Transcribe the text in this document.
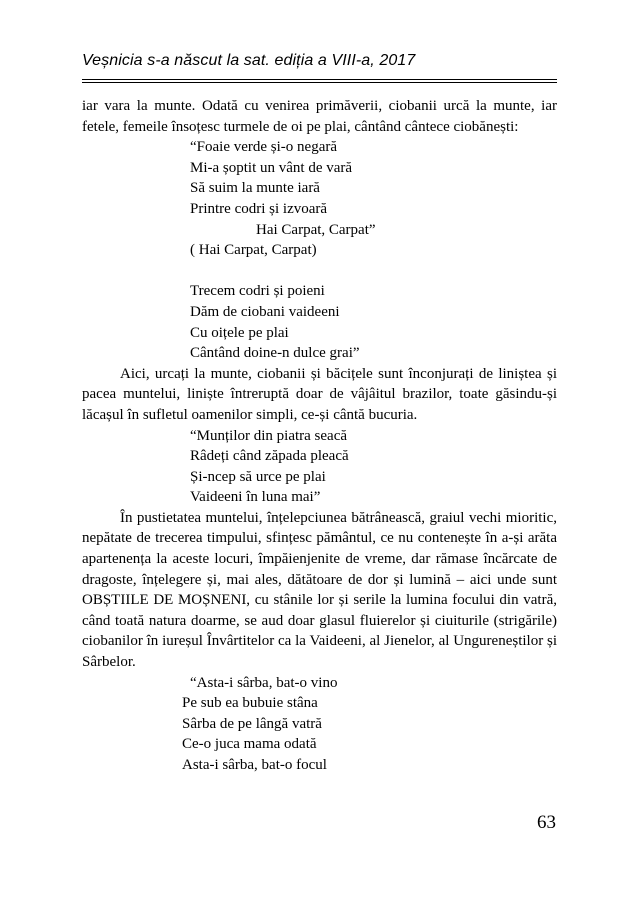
Veșnicia s-a născut la sat. ediția a VIII-a, 2017

iar vara la munte. Odată cu venirea primăverii, ciobanii urcă la munte, iar fetele, femeile însoțesc turmele de oi pe plai, cântând cântece ciobănești:

“Foaie verde și-o negară
Mi-a șoptit un vânt de vară
Să suim la munte iară
Printre codri și izvoară
Hai Carpat, Carpat”
( Hai Carpat, Carpat)
Trecem codri și poieni
Dăm de ciobani vaideeni
Cu oițele pe plai
Cântând doine-n dulce grai”

Aici, urcați la munte, ciobanii și băcițele sunt înconjurați de liniștea și pacea muntelui, liniște întreruptă doar de vâjâitul brazilor, toate găsindu-și lăcașul în sufletul oamenilor simpli, ce-și cântă bucuria.

“Munților din piatra seacă
Râdeți când zăpada pleacă
Și-ncep să urce pe plai
Vaideeni în luna mai”

În pustietatea muntelui, înțelepciunea bătrânească, graiul vechi mioritic, nepătate de trecerea timpului, sfințesc pământul, ce nu contenește în a-și arăta apartenența la aceste locuri, împăienjenite de vreme, dar rămase încărcate de dragoste, înțelegere și, mai ales, dătătoare de dor și lumină – aici unde sunt OBȘTIILE DE MOȘNENI, cu stânile lor și serile la lumina focului din vatră, când toată natura doarme, se aud doar glasul fluierelor și ciuiturile (strigările) ciobanilor în iureșul Învârtitelor ca la Vaideeni, al Jienelor, al Ungureneștilor și Sârbelor.

“Asta-i sârba, bat-o vino
Pe sub ea bubuie stâna
Sârba de pe lângă vatră
Ce-o juca mama odată
Asta-i sârba, bat-o focul
63
